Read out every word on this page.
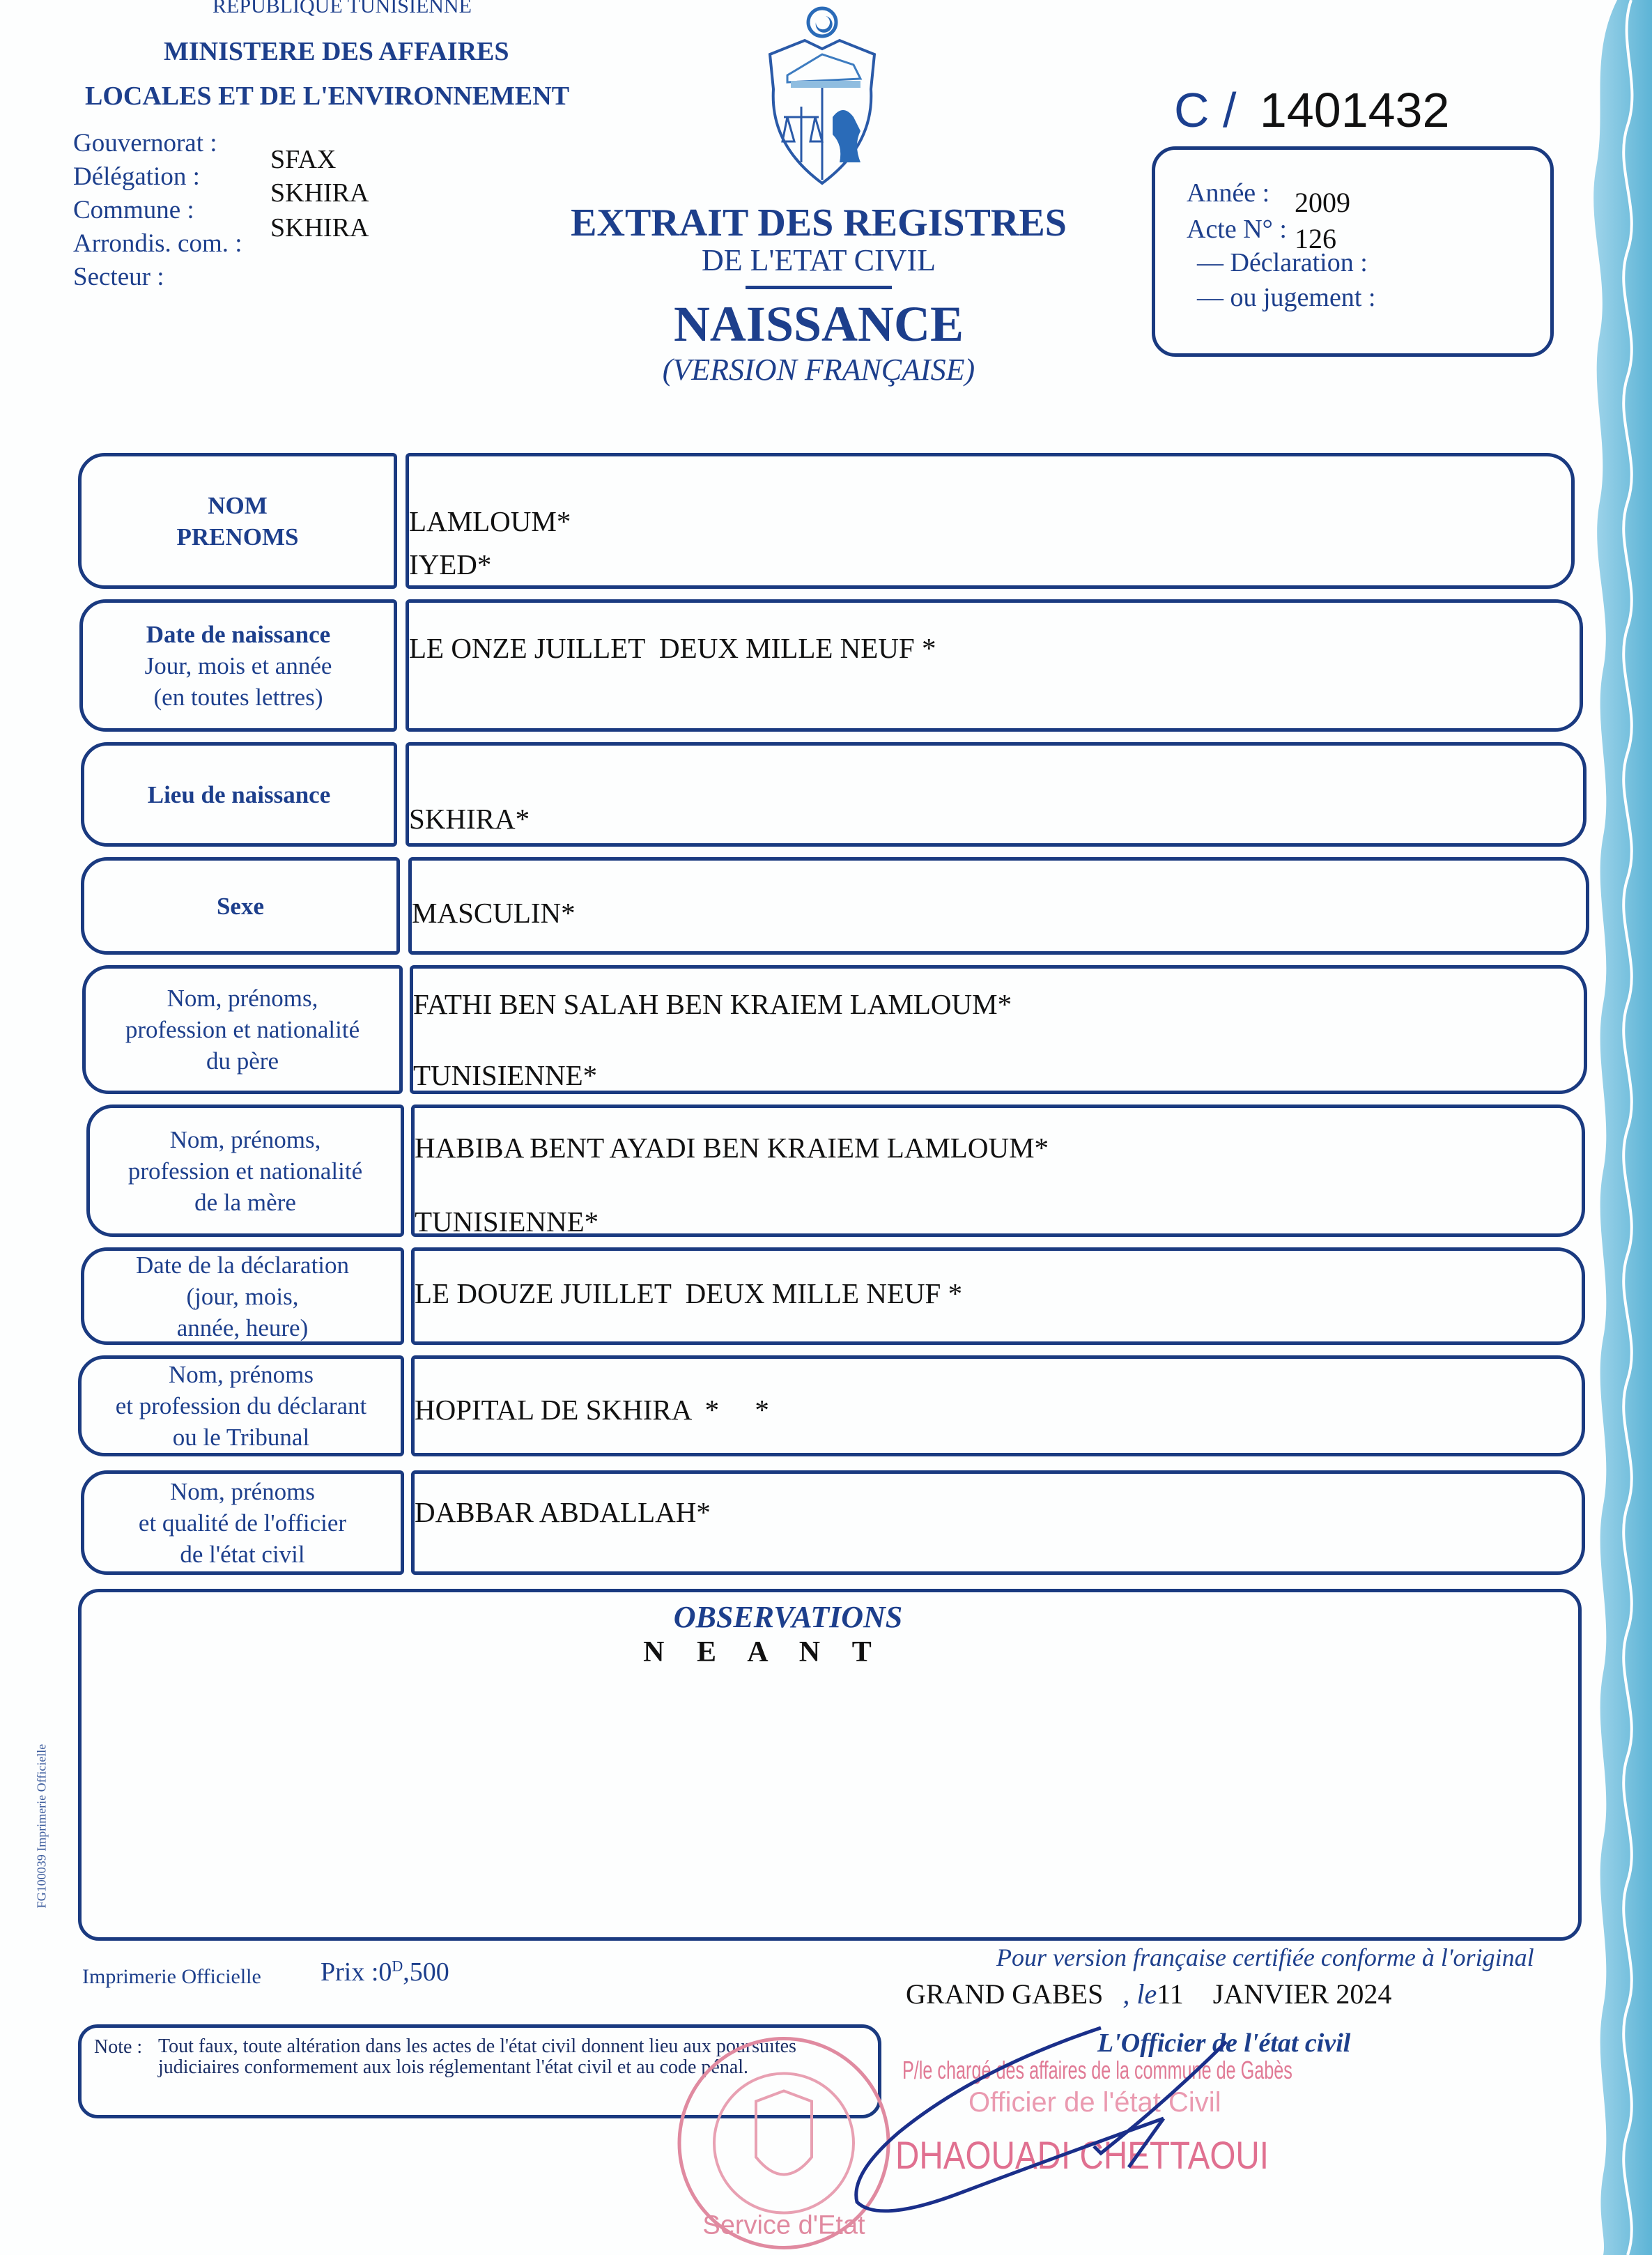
REPUBLIQUE TUNISIENNE
MINISTERE DES AFFAIRES
LOCALES ET DE L'ENVIRONNEMENT
Gouvernorat :
Délégation :
Commune :
Arrondis. com. :
Secteur :
SFAX
SKHIRA
SKHIRA
C / 1401432
Année : 2009
Acte N° : 126
— Déclaration :
— ou jugement :
EXTRAIT DES REGISTRES
DE L'ETAT CIVIL
NAISSANCE
(VERSION FRANÇAISE)
NOM
PRENOMS	LAMLOUM*
IYED*
Date de naissance
Jour, mois et année
(en toutes lettres)
LE ONZE JUILLET  DEUX MILLE NEUF *
Lieu de naissance
SKHIRA*
Sexe	MASCULIN*
Nom, prénoms,
profession et nationalité
du père
FATHI BEN SALAH BEN KRAIEM LAMLOUM*
TUNISIENNE*
Nom, prénoms,
profession et nationalité
de la mère
HABIBA BENT AYADI BEN KRAIEM LAMLOUM*
TUNISIENNE*
Date de la déclaration
(jour, mois,
année, heure)
LE DOUZE JUILLET  DEUX MILLE NEUF *
Nom, prénoms
et profession du déclarant
ou le Tribunal
HOPITAL DE SKHIRA  *     *
Nom, prénoms
et qualité de l'officier
de l'état civil
DABBAR ABDALLAH*
OBSERVATIONS
N E A N T
FG100039 Imprimerie Officielle
Imprimerie Officielle Prix $:0^D,500$
Note : Tout faux, toute altération dans les actes de l'état civil donnent lieu aux poursuites judiciaires conformement aux lois réglementant l'état civil et au code pénal.
Pour version française certifiée conforme à l'original
GRAND GABES , le11 JANVIER 2024
L'Officier de l'état civil
Service d'Etat
P/le chargé des affaires de la commune de Gabès
Officier de l'état Civil
DHAOUADI CHETTAOUI
